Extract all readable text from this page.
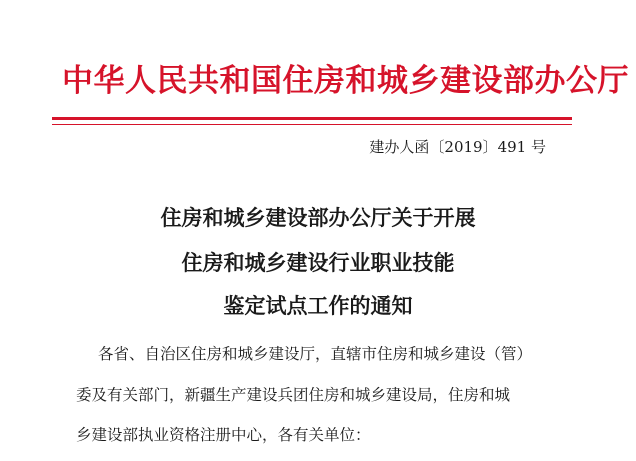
中华人民共和国住房和城乡建设部办公厅
建办人函〔2019〕491 号
住房和城乡建设部办公厅关于开展
住房和城乡建设行业职业技能
鉴定试点工作的通知
各省、自治区住房和城乡建设厅，直辖市住房和城乡建设（管）
委及有关部门，新疆生产建设兵团住房和城乡建设局，住房和城
乡建设部执业资格注册中心，各有关单位：
